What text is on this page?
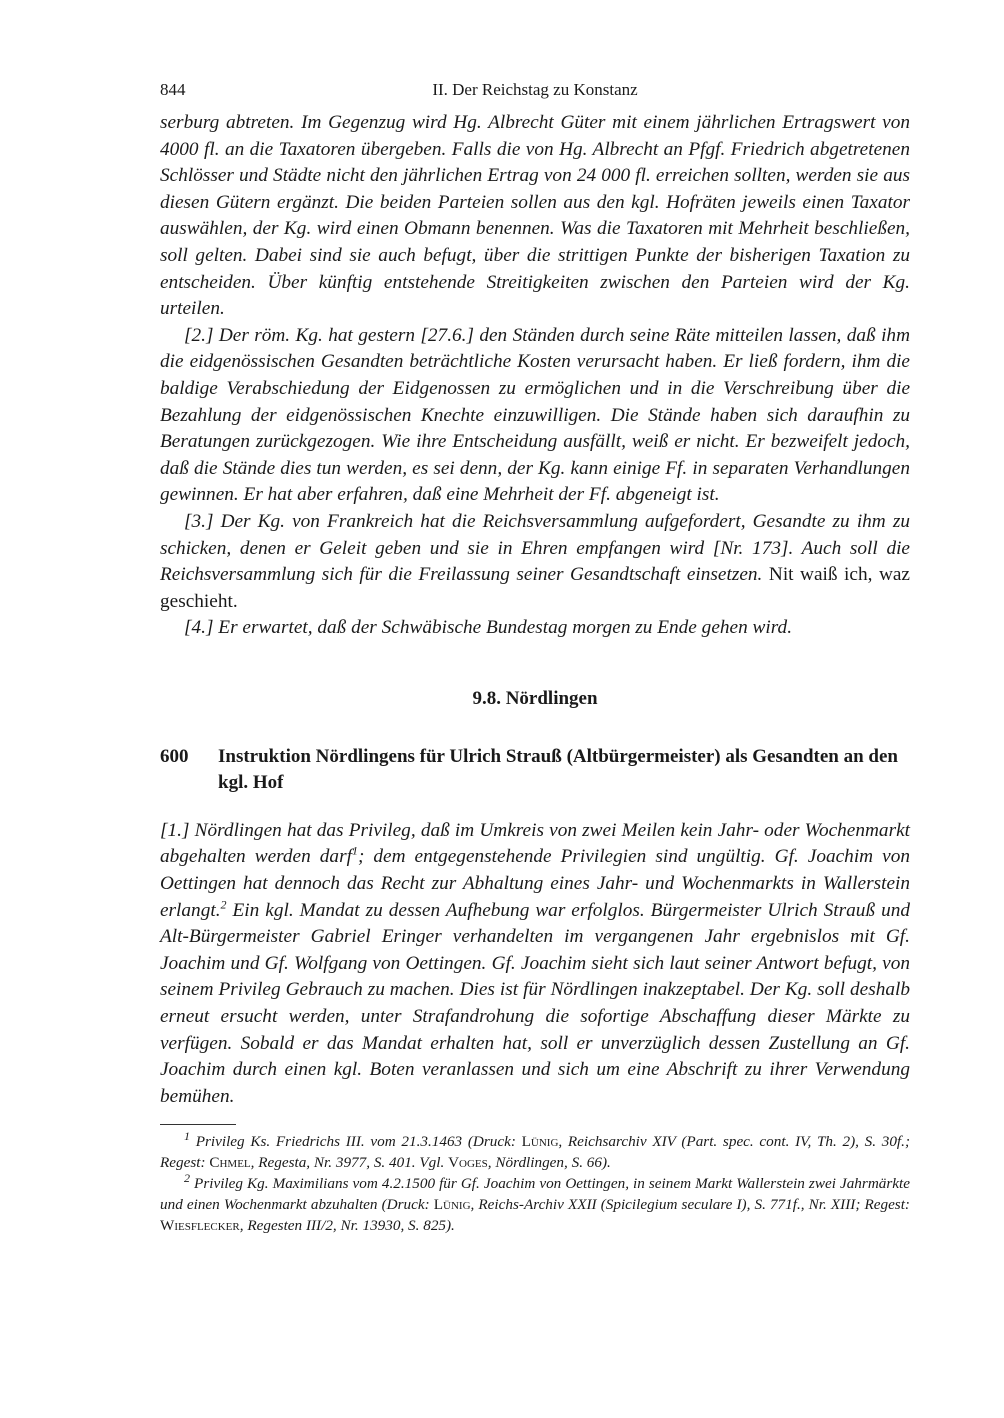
844	II. Der Reichstag zu Konstanz

serburg abtreten. Im Gegenzug wird Hg. Albrecht Güter mit einem jährlichen Ertragswert von 4000 fl. an die Taxatoren übergeben. Falls die von Hg. Albrecht an Pfgf. Friedrich abgetretenen Schlösser und Städte nicht den jährlichen Ertrag von 24 000 fl. erreichen sollten, werden sie aus diesen Gütern ergänzt. Die beiden Parteien sollen aus den kgl. Hofräten jeweils einen Taxator auswählen, der Kg. wird einen Obmann benennen. Was die Taxatoren mit Mehrheit beschließen, soll gelten. Dabei sind sie auch befugt, über die strittigen Punkte der bisherigen Taxation zu entscheiden. Über künftig entstehende Streitigkeiten zwischen den Parteien wird der Kg. urteilen.

[2.] Der röm. Kg. hat gestern [27.6.] den Ständen durch seine Räte mitteilen lassen, daß ihm die eidgenössischen Gesandten beträchtliche Kosten verursacht haben. Er ließ fordern, ihm die baldige Verabschiedung der Eidgenossen zu ermöglichen und in die Verschreibung über die Bezahlung der eidgenössischen Knechte einzuwilligen. Die Stände haben sich daraufhin zu Beratungen zurückgezogen. Wie ihre Entscheidung ausfällt, weiß er nicht. Er bezweifelt jedoch, daß die Stände dies tun werden, es sei denn, der Kg. kann einige Ff. in separaten Verhandlungen gewinnen. Er hat aber erfahren, daß eine Mehrheit der Ff. abgeneigt ist.

[3.] Der Kg. von Frankreich hat die Reichsversammlung aufgefordert, Gesandte zu ihm zu schicken, denen er Geleit geben und sie in Ehren empfangen wird [Nr. 173]. Auch soll die Reichsversammlung sich für die Freilassung seiner Gesandtschaft einsetzen. Nit waiß ich, waz geschieht.

[4.] Er erwartet, daß der Schwäbische Bundestag morgen zu Ende gehen wird.

9.8. Nördlingen
600	Instruktion Nördlingens für Ulrich Strauß (Altbürgermeister) als Gesandten an den kgl. Hof
[1.] Nördlingen hat das Privileg, daß im Umkreis von zwei Meilen kein Jahr- oder Wochenmarkt abgehalten werden darf$^1$; dem entgegenstehende Privilegien sind ungültig. Gf. Joachim von Oettingen hat dennoch das Recht zur Abhaltung eines Jahr- und Wochenmarkts in Wallerstein erlangt.$^2$ Ein kgl. Mandat zu dessen Aufhebung war erfolglos. Bürgermeister Ulrich Strauß und Alt-Bürgermeister Gabriel Eringer verhandelten im vergangenen Jahr ergebnislos mit Gf. Joachim und Gf. Wolfgang von Oettingen. Gf. Joachim sieht sich laut seiner Antwort befugt, von seinem Privileg Gebrauch zu machen. Dies ist für Nördlingen inakzeptabel. Der Kg. soll deshalb erneut ersucht werden, unter Strafandrohung die sofortige Abschaffung dieser Märkte zu verfügen. Sobald er das Mandat erhalten hat, soll er unverzüglich dessen Zustellung an Gf. Joachim durch einen kgl. Boten veranlassen und sich um eine Abschrift zu ihrer Verwendung bemühen.

$^1$ Privileg Ks. Friedrichs III. vom 21.3.1463 (Druck: Lünig, Reichsarchiv XIV (Part. spec. cont. IV, Th. 2), S. 30f.; Regest: Chmel, Regesta, Nr. 3977, S. 401. Vgl. Voges, Nördlingen, S. 66).

$^2$ Privileg Kg. Maximilians vom 4.2.1500 für Gf. Joachim von Oettingen, in seinem Markt Wallerstein zwei Jahrmärkte und einen Wochenmarkt abzuhalten (Druck: Lünig, Reichs-Archiv XXII (Spicilegium seculare I), S. 771f., Nr. XIII; Regest: Wiesflecker, Regesten III/2, Nr. 13930, S. 825).
